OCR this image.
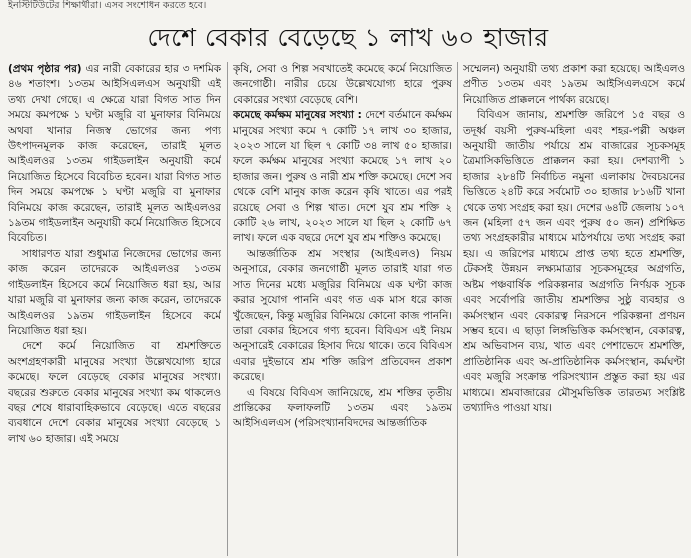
ইনস্টিটিউটের শিক্ষার্থীরা। এসব সংশোধন করতে হবে।
দেশে বেকার বেড়েছে ১ লাখ ৬০ হাজার

(প্রথম পৃষ্ঠার পর) এর নারী বেকারের হার ৩ দশমিক ৪৬ শতাংশ। ১৩তম আইসিএলএস অনুযায়ী এই তথ্য দেখা গেছে। এ ক্ষেত্রে যারা বিগত সাত দিন সময়ে কমপক্ষে ১ ঘণ্টা মজুরি বা মুনাফার বিনিময়ে অথবা খানার নিজস্ব ভোগের জন্য পণ্য উৎপাদনমূলক কাজ করেছেন, তারাই মূলত আইএলওর ১৩তম গাইডলাইন অনুযায়ী কর্মে নিয়োজিত হিসেবে বিবেচিত হবেন। যারা বিগত সাত দিন সময়ে কমপক্ষে ১ ঘণ্টা মজুরি বা মুনাফার বিনিময়ে কাজ করেছেন, তারাই মূলত আইএলওর ১৯তম গাইডলাইন অনুযায়ী কর্মে নিয়োজিত হিসেবে বিবেচিত।

সাধারণত যারা শুধুমাত্র নিজেদের ভোগের জন্য কাজ করেন তাদেরকে আইএলওর ১৩তম গাইডলাইন হিসেবে কর্মে নিয়োজিত ধরা হয়, আর যারা মজুরি বা মুনাফার জন্য কাজ করেন, তাদেরকে আইএলওর ১৯তম গাইডলাইন হিসেবে কর্মে নিয়োজিত ধরা হয়।

দেশে কর্মে নিয়োজিত বা শ্রমশক্তিতে অংশগ্রহণকারী মানুষের সংখ্যা উল্লেখযোগ্য হারে কমেছে। ফলে বেড়েছে বেকার মানুষের সংখ্যা। বছরের শুরুতে বেকার মানুষের সংখ্যা কম থাকলেও বছর শেষে ধারাবাহিকভাবে বেড়েছে। এতে বছরের ব্যবধানে দেশে বেকার মানুষের সংখ্যা বেড়েছে ১ লাখ ৬০ হাজার। এই সময়ে

কৃষি, সেবা ও শিল্প সবখাতেই কমেছে কর্মে নিয়োজিত জনগোষ্ঠী। নারীর চেয়ে উল্লেখযোগ্য হারে পুরুষ বেকারের সংখ্যা বেড়েছে বেশি।

কমেছে কর্মক্ষম মানুষের সংখ্যা : দেশে বর্তমানে কর্মক্ষম মানুষের সংখ্যা কমে ৭ কোটি ১৭ লাখ ৩০ হাজার, ২০২৩ সালে যা ছিল ৭ কোটি ৩৪ লাখ ৫০ হাজার। ফলে কর্মক্ষম মানুষের সংখ্যা কমেছে ১৭ লাখ ২০ হাজার জন। পুরুষ ও নারী শ্রম শক্তি কমেছে। দেশে সব থেকে বেশি মানুষ কাজ করেন কৃষি খাতে। এর পরই রয়েছে সেবা ও শিল্প খাত। দেশে যুব শ্রম শক্তি ২ কোটি ২৬ লাখ, ২০২৩ সালে যা ছিল ২ কোটি ৬৭ লাখ। ফলে এক বছরে দেশে যুব শ্রম শক্তিও কমেছে।

আন্তর্জাতিক শ্রম সংস্থার (আইএলও) নিয়ম অনুসারে, বেকার জনগোষ্ঠী মূলত তারাই যারা গত সাত দিনের মধ্যে মজুরির বিনিময়ে এক ঘণ্টা কাজ করার সুযোগ পাননি এবং গত এক মাস ধরে কাজ খুঁজেছেন, কিন্তু মজুরির বিনিময়ে কোনো কাজ পাননি। তারা বেকার হিসেবে গণ্য হবেন। বিবিএস এই নিয়ম অনুসারেই বেকারের হিসাব দিয়ে থাকে। তবে বিবিএস এবার দুইভাবে শ্রম শক্তি জরিপ প্রতিবেদন প্রকাশ করেছে।

এ বিষয়ে বিবিএস জানিয়েছে, শ্রম শক্তির তৃতীয় প্রান্তিকের ফলাফলটি ১৩তম এবং ১৯তম আইসিএলএস (পরিসংখ্যানবিদদের আন্তর্জাতিক

সম্মেলন) অনুযায়ী তথ্য প্রকাশ করা হয়েছে। আইএলও প্রণীত ১৩তম এবং ১৯তম আইসিএলএসে কর্মে নিয়োজিত প্রাক্কলনে পার্থক্য রয়েছে।

বিবিএস জানায়, শ্রমশক্তি জরিপে ১৫ বছর ও তদূর্ধ্ব বয়সী পুরুষ-মহিলা এবং শহর-পল্লী অঞ্চল অনুযায়ী জাতীয় পর্যায়ে শ্রম বাজারের সূচকসমূহ ত্রৈমাসিকভিত্তিতে প্রাক্কলন করা হয়। দেশব্যাপী ১ হাজার ২৮৪টি নির্বাচিত নমুনা এলাকায় দৈবচয়নের ভিত্তিতে ২৪টি করে সর্বমোট ৩০ হাজার ৮১৬টি খানা থেকে তথ্য সংগ্রহ করা হয়। দেশের ৬৪টি জেলায় ১০৭ জন (মহিলা ৫৭ জন এবং পুরুষ ৫০ জন) প্রশিক্ষিত তথ্য সংগ্রহকারীর মাধ্যমে মাঠপর্যায়ে তথ্য সংগ্রহ করা হয়। এ জরিপের মাধ্যমে প্রাপ্ত তথ্য হতে শ্রমশক্তি, টেকসই উন্নয়ন লক্ষ্যমাত্রার সূচকসমূহের অগ্রগতি, অষ্টম পঞ্চবার্ষিক পরিকল্পনার অগ্রগতি নির্ণয়ক সূচক এবং সর্বোপরি জাতীয় শ্রমশক্তির সুষ্ঠু ব্যবহার ও কর্মসংস্থান এবং বেকারত্ব নিরসনে পরিকল্পনা প্রণয়ন সম্ভব হবে। এ ছাড়া লিঙ্গভিত্তিক কর্মসংস্থান, বেকারত্ব, শ্রম অভিবাসন ব্যয়, খাত এবং পেশাভেদে শ্রমশক্তি, প্রাতিষ্ঠানিক এবং অ-প্রাতিষ্ঠানিক কর্মসংস্থান, কর্মঘণ্টা এবং মজুরি সংক্রান্ত পরিসংখ্যান প্রস্তুত করা হয় এর মাধ্যমে। শ্রমবাজারের মৌসুমভিত্তিক তারতম্য সংশ্লিষ্ট তথ্যাদিও পাওয়া যায়।
